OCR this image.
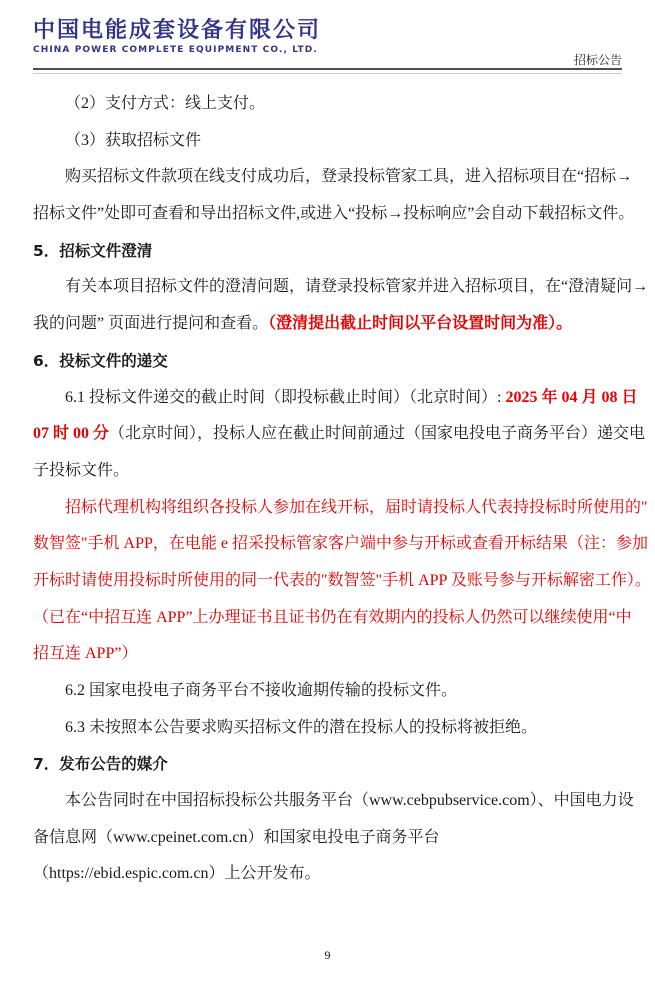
中国电能成套设备有限公司
CHINA POWER COMPLETE EQUIPMENT CO., LTD.
招标公告
（2）支付方式：线上支付。
（3）获取招标文件
购买招标文件款项在线支付成功后，登录投标管家工具，进入招标项目在“招标→
招标文件”处即可查看和导出招标文件,或进入“投标→投标响应”会自动下载招标文件。
5．招标文件澄清
有关本项目招标文件的澄清问题，请登录投标管家并进入招标项目，在“澄清疑问→
我的问题” 页面进行提问和查看。（澄清提出截止时间以平台设置时间为准）。
6．投标文件的递交
6.1 投标文件递交的截止时间（即投标截止时间）（北京时间）: 2025 年 04 月 08 日
07 时 00 分（北京时间），投标人应在截止时间前通过（国家电投电子商务平台）递交电
子投标文件。
招标代理机构将组织各投标人参加在线开标，届时请投标人代表持投标时所使用的"
数智签"手机 APP，在电能 e 招采投标管家客户端中参与开标或查看开标结果（注：参加
开标时请使用投标时所使用的同一代表的"数智签"手机 APP 及账号参与开标解密工作）。
（已在“中招互连 APP”上办理证书且证书仍在有效期内的投标人仍然可以继续使用“中
招互连 APP”）
6.2 国家电投电子商务平台不接收逾期传输的投标文件。
6.3 未按照本公告要求购买招标文件的潜在投标人的投标将被拒绝。
7．发布公告的媒介
本公告同时在中国招标投标公共服务平台（www.cebpubservice.com）、中国电力设
备信息网（www.cpeinet.com.cn）和国家电投电子商务平台
（https://ebid.espic.com.cn）上公开发布。
9
